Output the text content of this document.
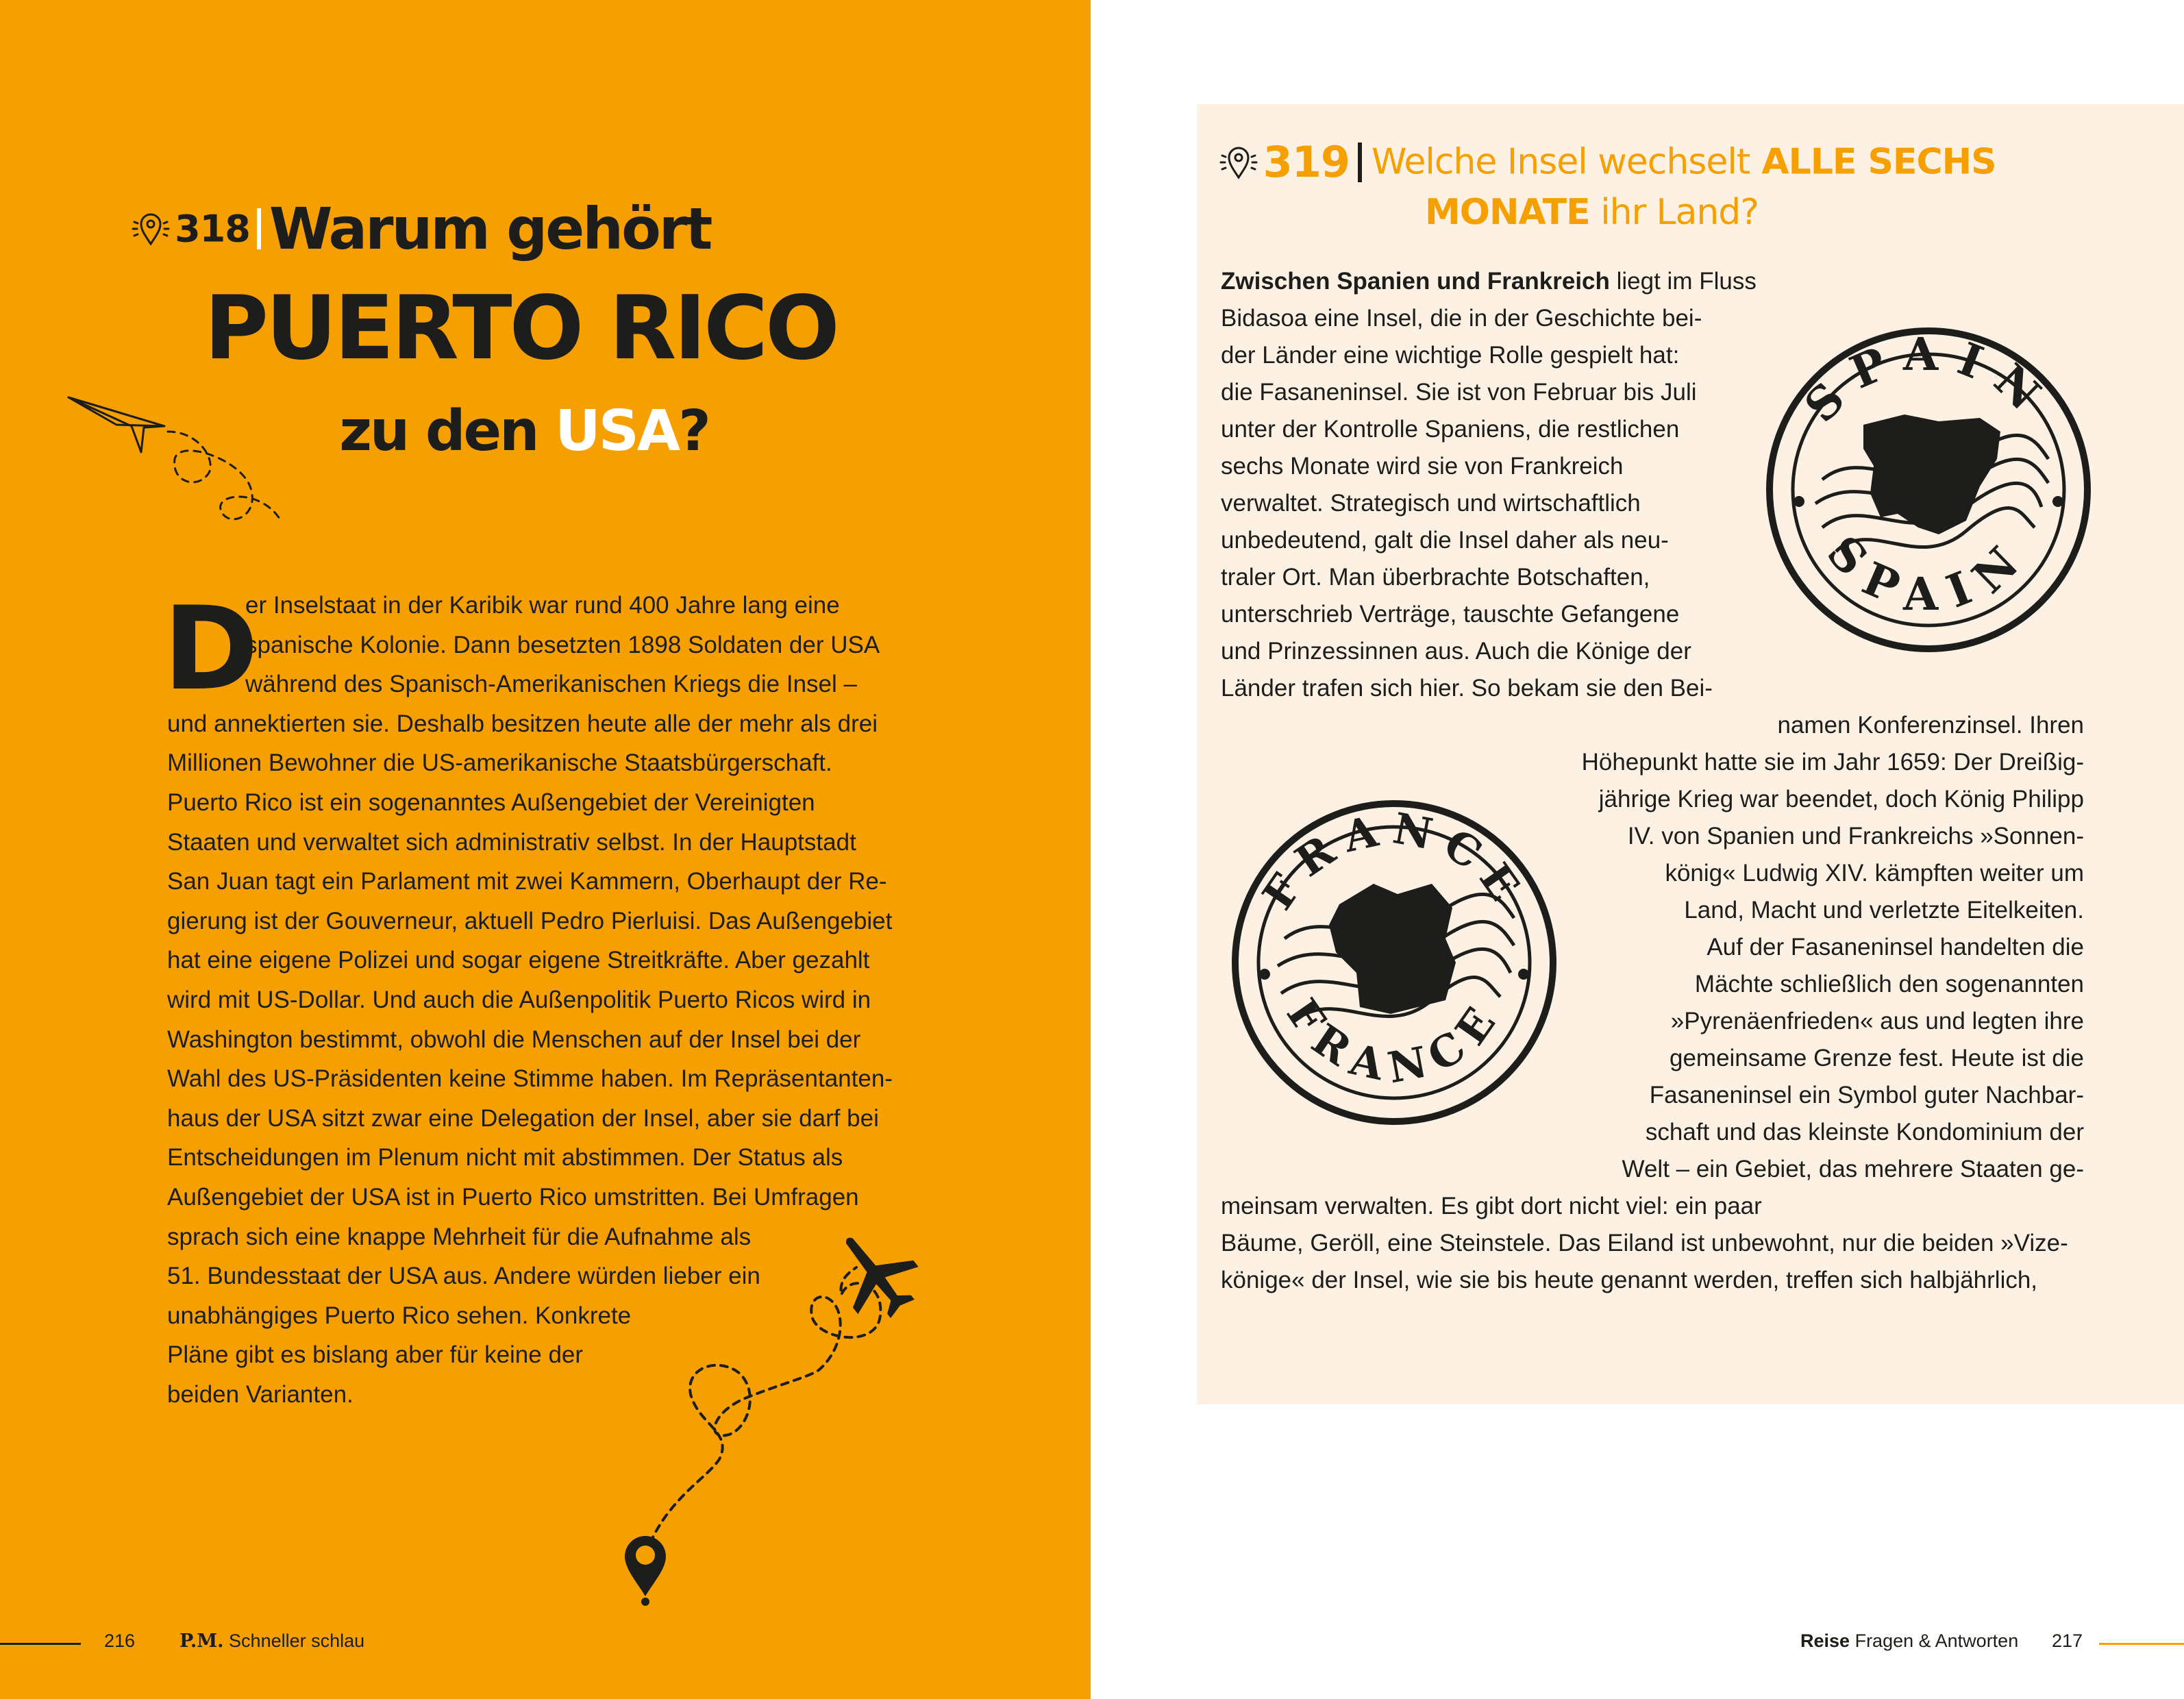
318 Warum gehört
PUERTO RICO
zu den USA?
D
er Inselstaat in der Karibik war rund 400 Jahre lang eine
spanische Kolonie. Dann besetzten 1898 Soldaten der USA
während des Spanisch-Amerikanischen Kriegs die Insel –
und annektierten sie. Deshalb besitzen heute alle der mehr als drei
Millionen Bewohner die US-amerikanische Staatsbürgerschaft.
Puerto Rico ist ein sogenanntes Außengebiet der Vereinigten
Staaten und verwaltet sich administrativ selbst. In der Hauptstadt
San Juan tagt ein Parlament mit zwei Kammern, Oberhaupt der Re-
gierung ist der Gouverneur, aktuell Pedro Pierluisi. Das Außengebiet
hat eine eigene Polizei und sogar eigene Streitkräfte. Aber gezahlt
wird mit US-Dollar. Und auch die Außenpolitik Puerto Ricos wird in
Washington bestimmt, obwohl die Menschen auf der Insel bei der
Wahl des US-Präsidenten keine Stimme haben. Im Repräsentanten-
haus der USA sitzt zwar eine Delegation der Insel, aber sie darf bei
Entscheidungen im Plenum nicht mit abstimmen. Der Status als
Außengebiet der USA ist in Puerto Rico umstritten. Bei Umfragen
sprach sich eine knappe Mehrheit für die Aufnahme als
51. Bundesstaat der USA aus. Andere würden lieber ein
unabhängiges Puerto Rico sehen. Konkrete
Pläne gibt es bislang aber für keine der
beiden Varianten.
216 P.M. Schneller schlau
319 Welche Insel wechselt ALLE SECHS
MONATE ihr Land?
Zwischen Spanien und Frankreich liegt im Fluss
Bidasoa eine Insel, die in der Geschichte bei-
der Länder eine wichtige Rolle gespielt hat:
die Fasaneninsel. Sie ist von Februar bis Juli
unter der Kontrolle Spaniens, die restlichen
sechs Monate wird sie von Frankreich
verwaltet. Strategisch und wirtschaftlich
unbedeutend, galt die Insel daher als neu-
traler Ort. Man überbrachte Botschaften,
unterschrieb Verträge, tauschte Gefangene
und Prinzessinnen aus. Auch die Könige der
Länder trafen sich hier. So bekam sie den Bei-
namen Konferenzinsel. Ihren
Höhepunkt hatte sie im Jahr 1659: Der Dreißig-
jährige Krieg war beendet, doch König Philipp
IV. von Spanien und Frankreichs »Sonnen-
könig« Ludwig XIV. kämpften weiter um
Land, Macht und verletzte Eitelkeiten.
Auf der Fasaneninsel handelten die
Mächte schließlich den sogenannten
»Pyrenäenfrieden« aus und legten ihre
gemeinsame Grenze fest. Heute ist die
Fasaneninsel ein Symbol guter Nachbar-
schaft und das kleinste Kondominium der
Welt – ein Gebiet, das mehrere Staaten ge-
meinsam verwalten. Es gibt dort nicht viel: ein paar
Bäume, Geröll, eine Steinstele. Das Eiland ist unbewohnt, nur die beiden »Vize-
könige« der Insel, wie sie bis heute genannt werden, treffen sich halbjährlich,
SPAIN
SPAIN
FRANCE
FRANCE
Reise Fragen & Antworten 217
